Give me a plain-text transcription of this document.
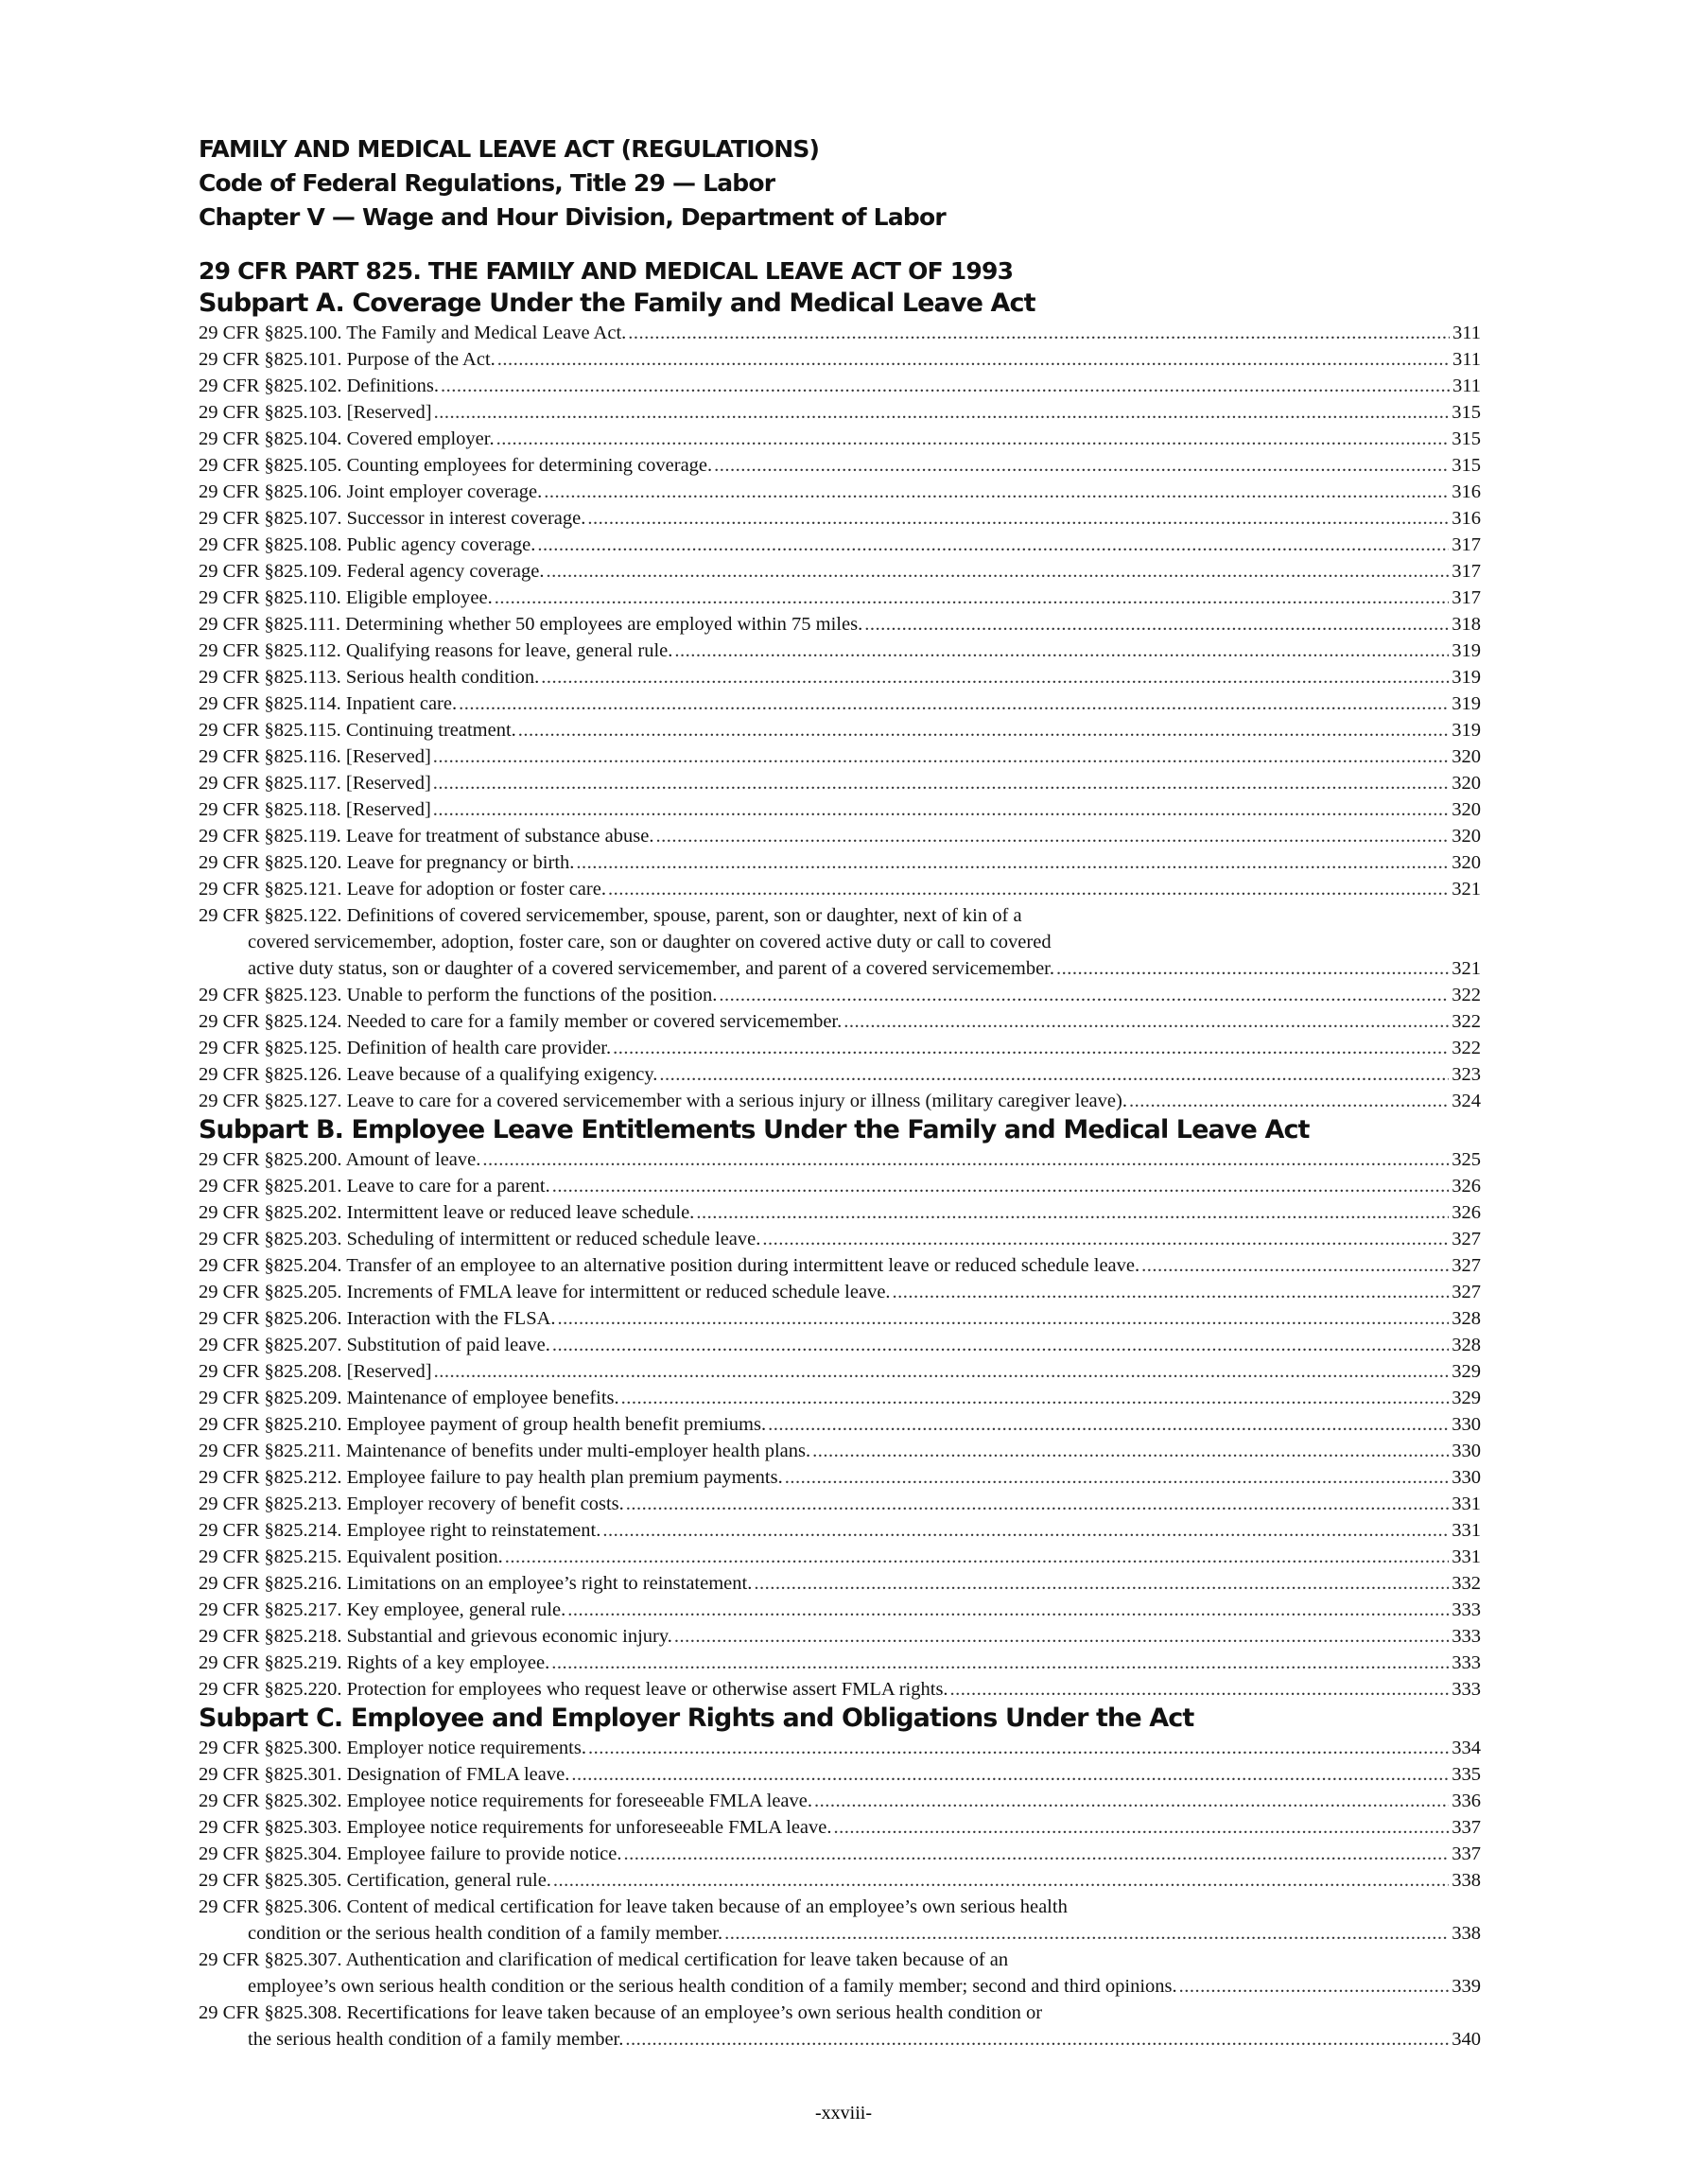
FAMILY AND MEDICAL LEAVE ACT (REGULATIONS)
Code of Federal Regulations, Title 29 — Labor
Chapter V — Wage and Hour Division, Department of Labor
29 CFR PART 825. THE FAMILY AND MEDICAL LEAVE ACT OF 1993
Subpart A. Coverage Under the Family and Medical Leave Act
29 CFR §825.100. The Family and Medical Leave Act. .....	311
29 CFR §825.101. Purpose of the Act. .....	311
29 CFR §825.102. Definitions. .....	311
29 CFR §825.103. [Reserved] .....	315
29 CFR §825.104. Covered employer. .....	315
29 CFR §825.105. Counting employees for determining coverage. .....	315
29 CFR §825.106. Joint employer coverage. .....	316
29 CFR §825.107. Successor in interest coverage. .....	316
29 CFR §825.108. Public agency coverage. .....	317
29 CFR §825.109. Federal agency coverage. .....	317
29 CFR §825.110. Eligible employee. .....	317
29 CFR §825.111. Determining whether 50 employees are employed within 75 miles. .....	318
29 CFR §825.112. Qualifying reasons for leave, general rule. .....	319
29 CFR §825.113. Serious health condition. .....	319
29 CFR §825.114. Inpatient care. .....	319
29 CFR §825.115. Continuing treatment. .....	319
29 CFR §825.116. [Reserved] .....	320
29 CFR §825.117. [Reserved] .....	320
29 CFR §825.118. [Reserved] .....	320
29 CFR §825.119. Leave for treatment of substance abuse. .....	320
29 CFR §825.120. Leave for pregnancy or birth. .....	320
29 CFR §825.121. Leave for adoption or foster care. .....	321
29 CFR §825.122. Definitions of covered servicemember, spouse, parent, son or daughter, next of kin of a
covered servicemember, adoption, foster care, son or daughter on covered active duty or call to covered
active duty status, son or daughter of a covered servicemember, and parent of a covered servicemember. .....	321
29 CFR §825.123. Unable to perform the functions of the position. .....	322
29 CFR §825.124. Needed to care for a family member or covered servicemember. .....	322
29 CFR §825.125. Definition of health care provider. .....	322
29 CFR §825.126. Leave because of a qualifying exigency. .....	323
29 CFR §825.127. Leave to care for a covered servicemember with a serious injury or illness (military caregiver leave). .....	324
Subpart B. Employee Leave Entitlements Under the Family and Medical Leave Act
29 CFR §825.200. Amount of leave. .....	325
29 CFR §825.201. Leave to care for a parent. .....	326
29 CFR §825.202. Intermittent leave or reduced leave schedule. .....	326
29 CFR §825.203. Scheduling of intermittent or reduced schedule leave. .....	327
29 CFR §825.204. Transfer of an employee to an alternative position during intermittent leave or reduced schedule leave. .....	327
29 CFR §825.205. Increments of FMLA leave for intermittent or reduced schedule leave. .....	327
29 CFR §825.206. Interaction with the FLSA. .....	328
29 CFR §825.207. Substitution of paid leave. .....	328
29 CFR §825.208. [Reserved] .....	329
29 CFR §825.209. Maintenance of employee benefits. .....	329
29 CFR §825.210. Employee payment of group health benefit premiums. .....	330
29 CFR §825.211. Maintenance of benefits under multi-employer health plans. .....	330
29 CFR §825.212. Employee failure to pay health plan premium payments. .....	330
29 CFR §825.213. Employer recovery of benefit costs. .....	331
29 CFR §825.214. Employee right to reinstatement. .....	331
29 CFR §825.215. Equivalent position. .....	331
29 CFR §825.216. Limitations on an employee’s right to reinstatement. .....	332
29 CFR §825.217. Key employee, general rule. .....	333
29 CFR §825.218. Substantial and grievous economic injury. .....	333
29 CFR §825.219. Rights of a key employee. .....	333
29 CFR §825.220. Protection for employees who request leave or otherwise assert FMLA rights. .....	333
Subpart C. Employee and Employer Rights and Obligations Under the Act
29 CFR §825.300. Employer notice requirements. .....	334
29 CFR §825.301. Designation of FMLA leave. .....	335
29 CFR §825.302. Employee notice requirements for foreseeable FMLA leave. .....	336
29 CFR §825.303. Employee notice requirements for unforeseeable FMLA leave. .....	337
29 CFR §825.304. Employee failure to provide notice. .....	337
29 CFR §825.305. Certification, general rule. .....	338
29 CFR §825.306. Content of medical certification for leave taken because of an employee’s own serious health
condition or the serious health condition of a family member. .....	338
29 CFR §825.307. Authentication and clarification of medical certification for leave taken because of an
employee’s own serious health condition or the serious health condition of a family member; second and third opinions. .....	339
29 CFR §825.308. Recertifications for leave taken because of an employee’s own serious health condition or
the serious health condition of a family member. .....	340
-xxviii-
